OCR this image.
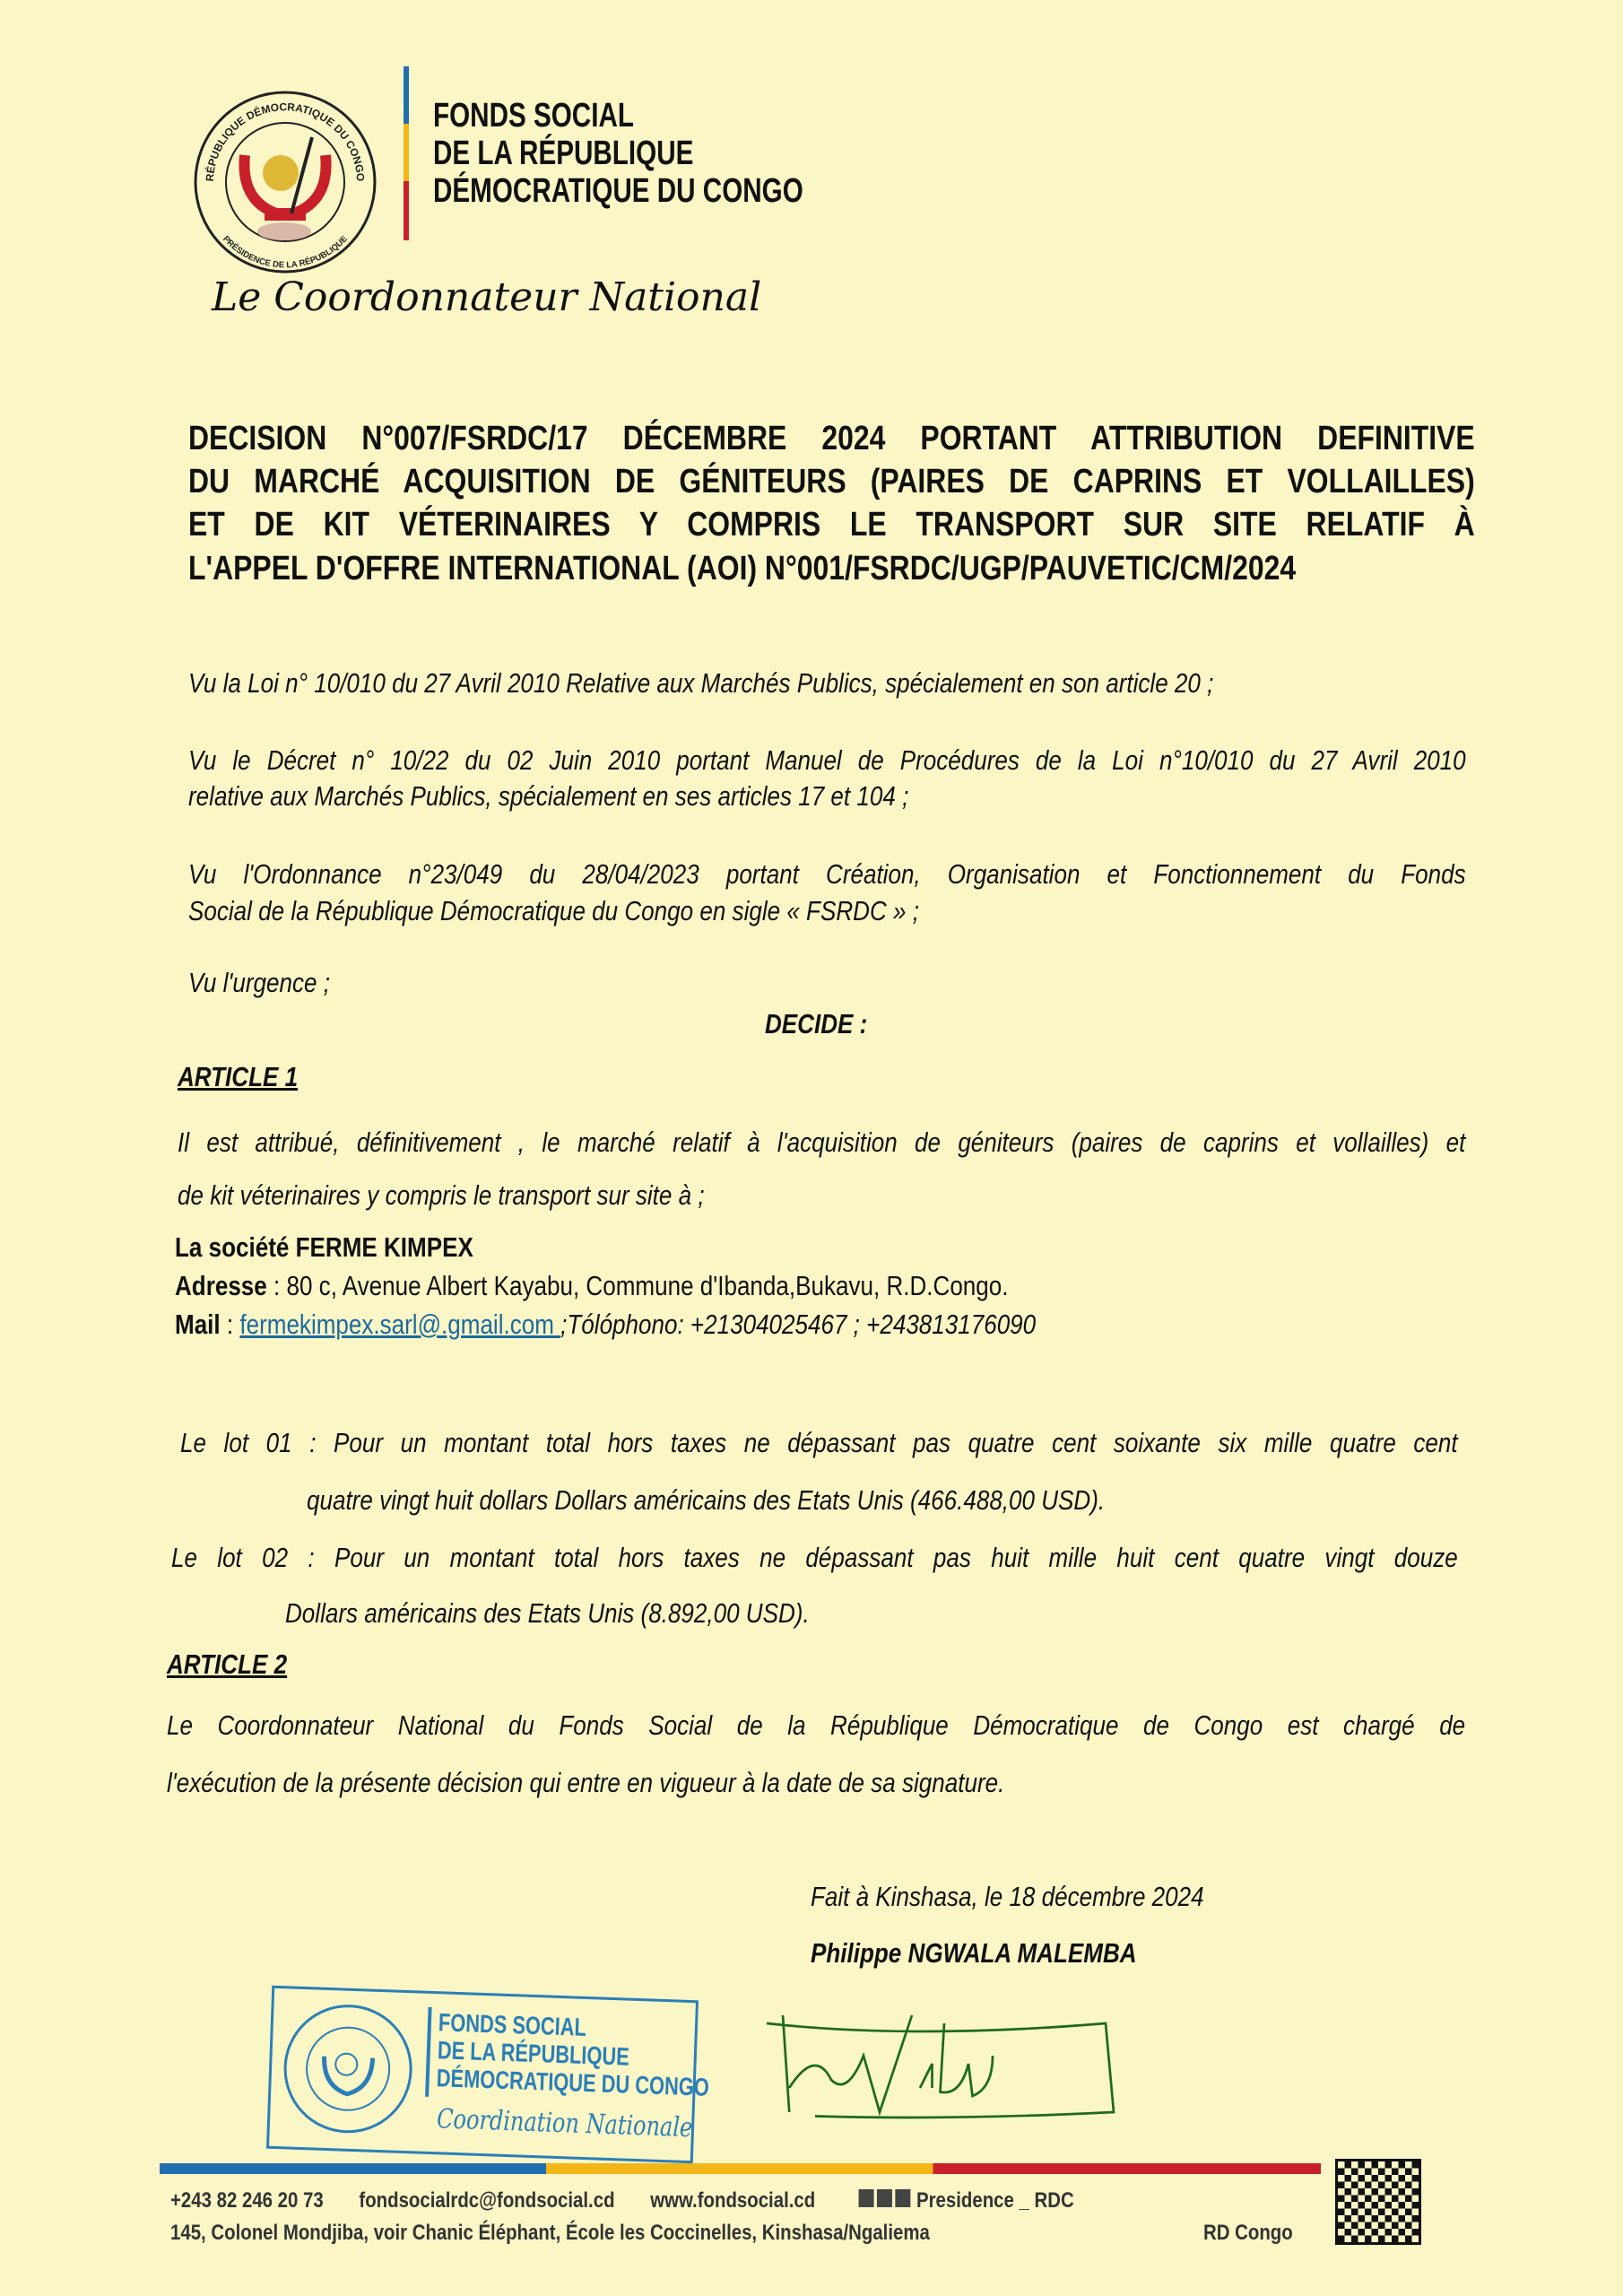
RÉPUBLIQUE DÉMOCRATIQUE DU CONGO
PRÉSIDENCE DE LA RÉPUBLIQUE
FONDS SOCIAL
DE LA RÉPUBLIQUE
DÉMOCRATIQUE DU CONGO
Le Coordonnateur National
DECISION N°007/FSRDC/17 DÉCEMBRE 2024 PORTANT ATTRIBUTION DEFINITIVE
DU MARCHÉ ACQUISITION DE GÉNITEURS (PAIRES DE CAPRINS ET VOLLAILLES)
ET DE KIT VÉTERINAIRES Y COMPRIS LE TRANSPORT SUR SITE RELATIF À
L'APPEL D'OFFRE INTERNATIONAL (AOI) N°001/FSRDC/UGP/PAUVETIC/CM/2024
Vu la Loi n° 10/010 du 27 Avril 2010 Relative aux Marchés Publics, spécialement en son article 20 ;
Vu le Décret n° 10/22 du 02 Juin 2010 portant Manuel de Procédures de la Loi n°10/010 du 27 Avril 2010
relative aux Marchés Publics, spécialement en ses articles 17 et 104 ;
Vu l'Ordonnance n°23/049 du 28/04/2023 portant Création, Organisation et Fonctionnement du Fonds
Social de la République Démocratique du Congo en sigle « FSRDC » ;
Vu l'urgence ;
DECIDE :
ARTICLE 1
Il est attribué, définitivement , le marché relatif à l'acquisition de géniteurs (paires de caprins et vollailles) et
de kit véterinaires y compris le transport sur site à ;
La société FERME KIMPEX
Adresse : 80 c, Avenue Albert Kayabu, Commune d'Ibanda,Bukavu, R.D.Congo.
Mail : fermekimpex.sarl@.gmail.com ;Tólóphono: +21304025467 ; +243813176090
Le lot 01 : Pour un montant total hors taxes ne dépassant pas quatre cent soixante six mille quatre cent
quatre vingt huit dollars Dollars américains des Etats Unis (466.488,00 USD).
Le lot 02 : Pour un montant total hors taxes ne dépassant pas huit mille huit cent quatre vingt douze
Dollars américains des Etats Unis (8.892,00 USD).
ARTICLE 2
Le Coordonnateur National du Fonds Social de la République Démocratique de Congo est chargé de
l'exécution de la présente décision qui entre en vigueur à la date de sa signature.
Fait à Kinshasa, le 18 décembre 2024
Philippe NGWALA MALEMBA
FONDS SOCIAL
DE LA RÉPUBLIQUE
DÉMOCRATIQUE DU CONGO
Coordination Nationale
+243 82 246 20 73 fondsocialrdc@fondsocial.cd www.fondsocial.cd	Presidence _ RDC
145, Colonel Mondjiba, voir Chanic Éléphant, École les Coccinelles, Kinshasa/Ngaliema	RD Congo
